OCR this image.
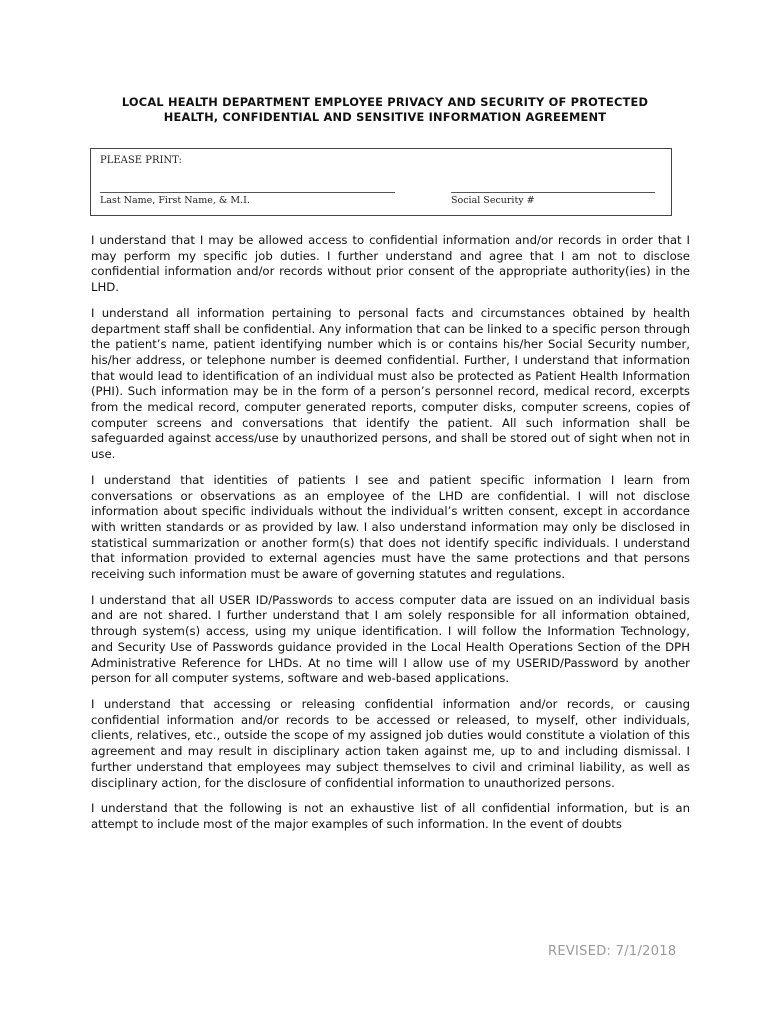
LOCAL HEALTH DEPARTMENT EMPLOYEE PRIVACY AND SECURITY OF PROTECTED
HEALTH, CONFIDENTIAL AND SENSITIVE INFORMATION AGREEMENT
PLEASE PRINT:
Last Name, First Name, & M.I.	Social Security #

I understand that I may be allowed access to confidential information and/or records in order that I may perform my specific job duties. I further understand and agree that I am not to disclose confidential information and/or records without prior consent of the appropriate authority(ies) in the LHD.

I understand all information pertaining to personal facts and circumstances obtained by health department staff shall be confidential. Any information that can be linked to a specific person through the patient’s name, patient identifying number which is or contains his/her Social Security number, his/her address, or telephone number is deemed confidential. Further, I understand that information that would lead to identification of an individual must also be protected as Patient Health Information (PHI). Such information may be in the form of a person’s personnel record, medical record, excerpts from the medical record, computer generated reports, computer disks, computer screens, copies of computer screens and conversations that identify the patient. All such information shall be safeguarded against access/use by unauthorized persons, and shall be stored out of sight when not in use.

I understand that identities of patients I see and patient specific information I learn from conversations or observations as an employee of the LHD are confidential. I will not disclose information about specific individuals without the individual’s written consent, except in accordance with written standards or as provided by law. I also understand information may only be disclosed in statistical summarization or another form(s) that does not identify specific individuals. I understand that information provided to external agencies must have the same protections and that persons receiving such information must be aware of governing statutes and regulations.

I understand that all USER ID/Passwords to access computer data are issued on an individual basis and are not shared. I further understand that I am solely responsible for all information obtained, through system(s) access, using my unique identification. I will follow the Information Technology, and Security Use of Passwords guidance provided in the Local Health Operations Section of the DPH Administrative Reference for LHDs. At no time will I allow use of my USERID/Password by another person for all computer systems, software and web-based applications.

I understand that accessing or releasing confidential information and/or records, or causing confidential information and/or records to be accessed or released, to myself, other individuals, clients, relatives, etc., outside the scope of my assigned job duties would constitute a violation of this agreement and may result in disciplinary action taken against me, up to and including dismissal. I further understand that employees may subject themselves to civil and criminal liability, as well as disciplinary action, for the disclosure of confidential information to unauthorized persons.

I understand that the following is not an exhaustive list of all confidential information, but is an attempt to include most of the major examples of such information. In the event of doubts

REVISED: 7/1/2018
